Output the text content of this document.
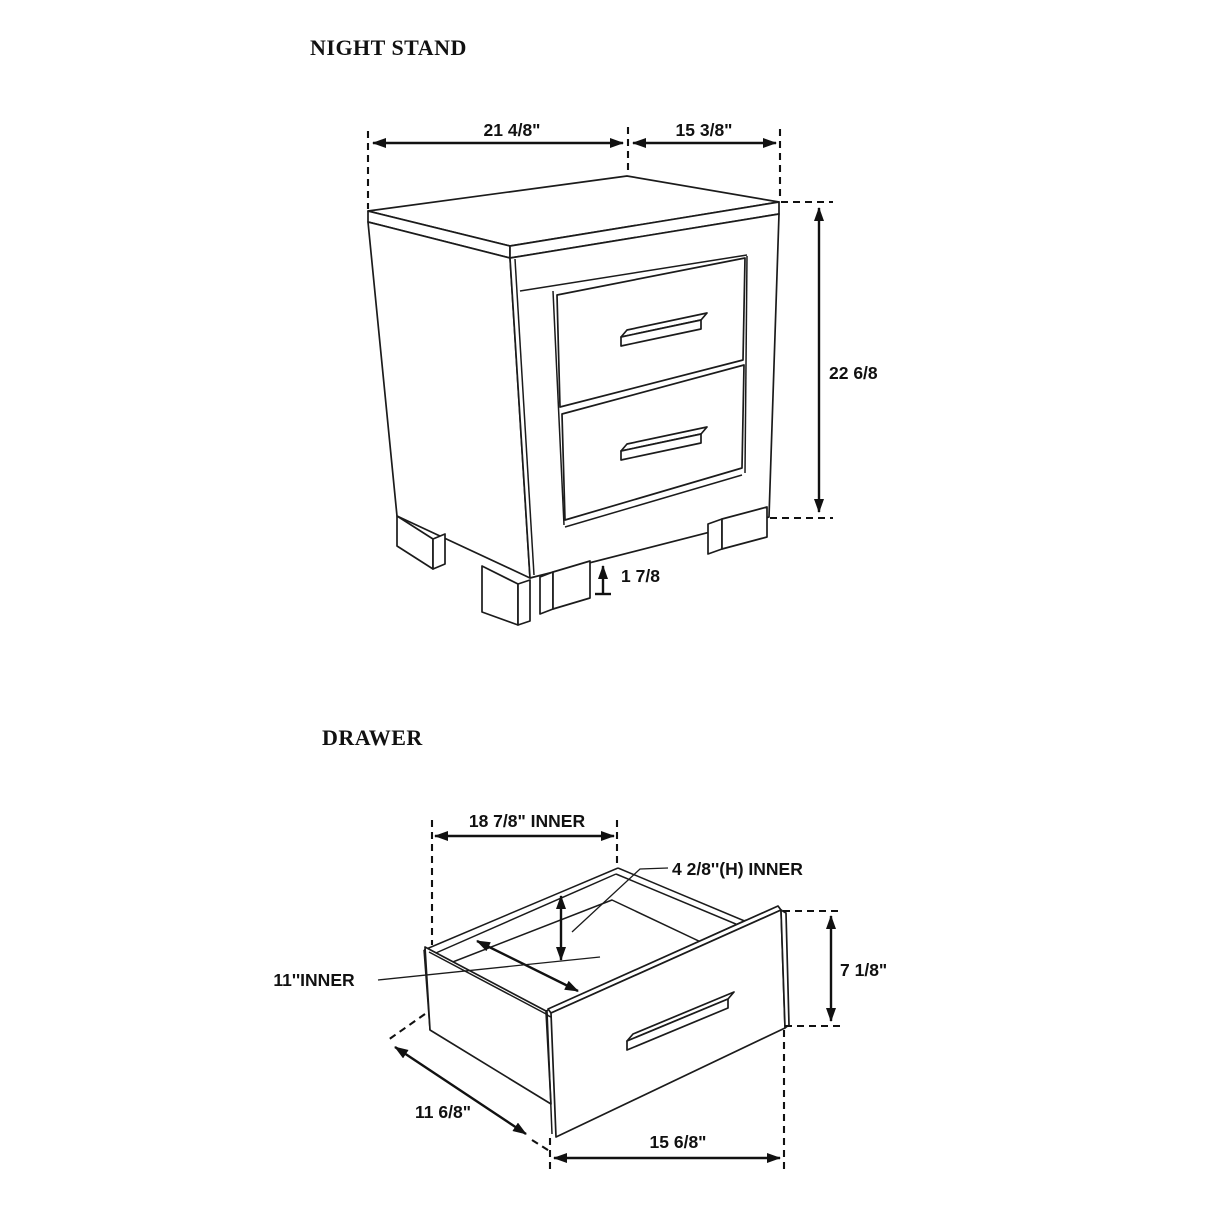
NIGHT STAND
21 4/8"	15 3/8"
22 6/8
1 7/8
DRAWER
18 7/8" INNER
4 2/8''(H) INNER
11''INNER
11 6/8"
7 1/8"
15 6/8"
